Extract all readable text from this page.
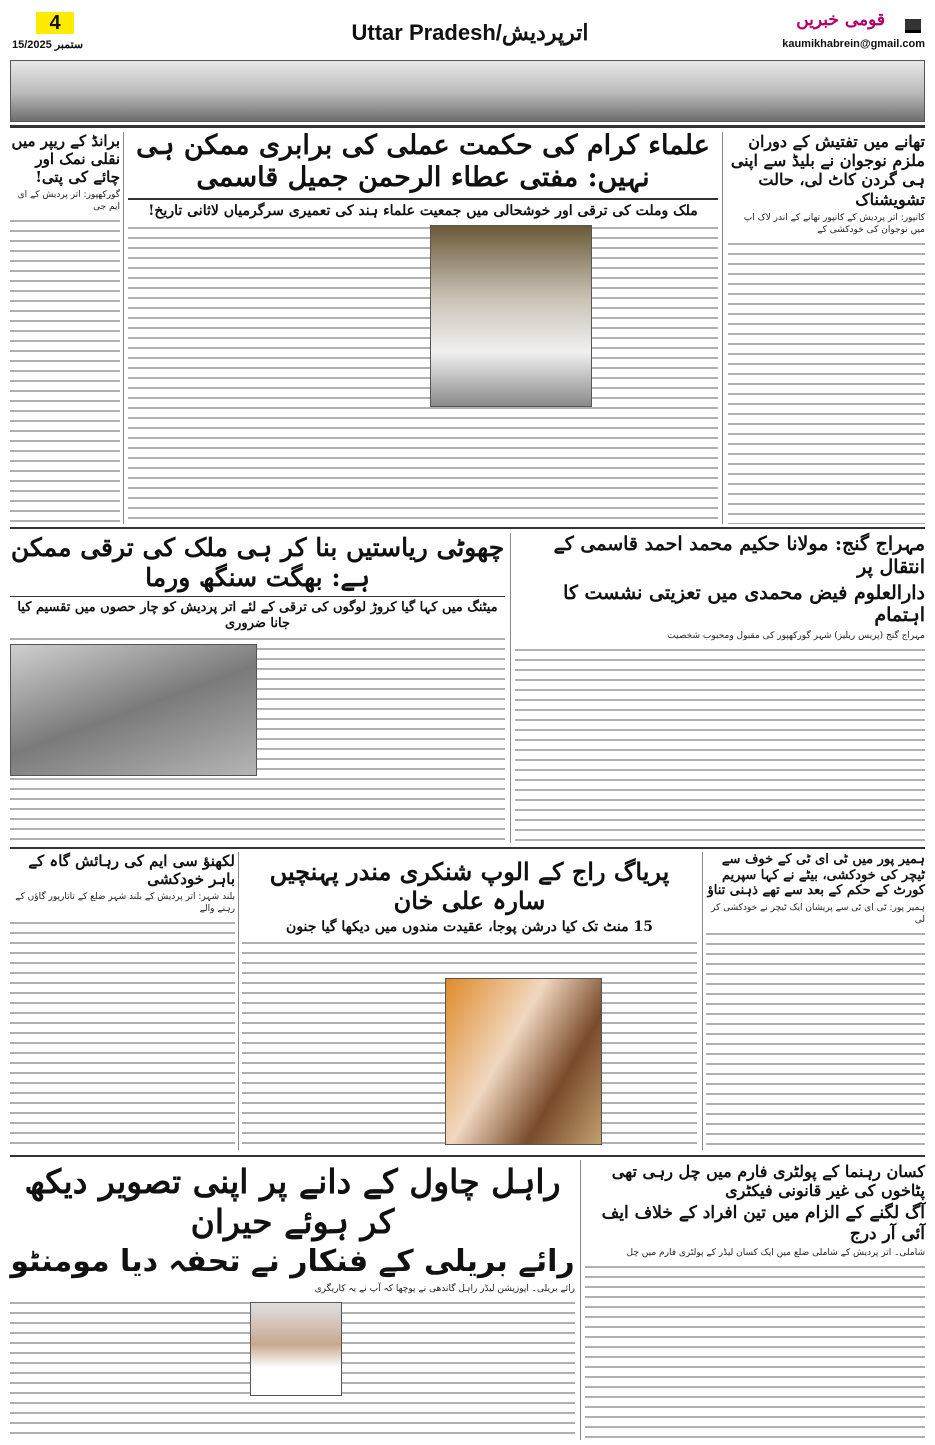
4
15/ستمبر 2025	Uttar Pradesh/اترپردیش	قومی خبریں
kaumikhabrein@gmail.com
تھانے میں تفتیش کے دوران ملزم نوجوان نے بلیڈ سے اپنی ہی گردن کاٹ لی، حالت تشویشناک
کانپور: اتر پردیش کے کانپور تھانے کے اندر لاک اپ میں نوجوان کی خودکشی کے
علماء کرام کی حکمت عملی کی برابری ممکن ہی نہیں: مفتی عطاء الرحمن جمیل قاسمی
ملک وملت کی ترقی اور خوشحالی میں جمعیت علماء ہند کی تعمیری سرگرمیاں لاثانی تاریخ!
برانڈ کے ریپر میں نقلی نمک اور چائے کی پتی!
گورکھپور: اتر پردیش کے ای ایم جی
چھوٹی ریاستیں بنا کر ہی ملک کی ترقی ممکن ہے: بھگت سنگھ ورما
میٹنگ میں کہا گیا کروڑ لوگوں کی ترقی کے لئے اتر پردیش کو چار حصوں میں تقسیم کیا جانا ضروری
مہراج گنج: مولانا حکیم محمد احمد قاسمی کے انتقال پر
دارالعلوم فیض محمدی میں تعزیتی نشست کا اہتمام
مہراج گنج (پریس ریلیز) شہر گورکھپور کی مقبول ومحبوب شخصیت
لکھنؤ سی ایم کی رہائش گاہ کے باہر خودکشی
بلند شہر: اتر پردیش کے بلند شہر ضلع کے تاتارپور گاؤں کے رہنے والے
پریاگ راج کے الوپ شنکری مندر پہنچیں سارہ علی خان
15 منٹ تک کیا درشن پوجا، عقیدت مندوں میں دیکھا گیا جنون
ہمیر پور میں ٹی ای ٹی کے خوف سے ٹیچر کی خودکشی، بیٹے نے کہا سپریم کورٹ کے حکم کے بعد سے تھے ذہنی تناؤ
ہمیر پور: ٹی ای ٹی سے پریشان ایک ٹیچر نے خودکشی کر لی
راہل چاول کے دانے پر اپنی تصویر دیکھ کر ہوئے حیران
رائے بریلی کے فنکار نے تحفہ دیا مومنٹو
رائے بریلی۔ اپوزیشن لیڈر راہل گاندھی نے پوچھا کہ آپ نے یہ کاریگری
کسان رہنما کے پولٹری فارم میں چل رہی تھی پٹاخوں کی غیر قانونی فیکٹری
آگ لگنے کے الزام میں تین افراد کے خلاف ایف آئی آر درج
شاملی۔ اتر پردیش کے شاملی ضلع میں ایک کسان لیڈر کے پولٹری فارم میں چل
